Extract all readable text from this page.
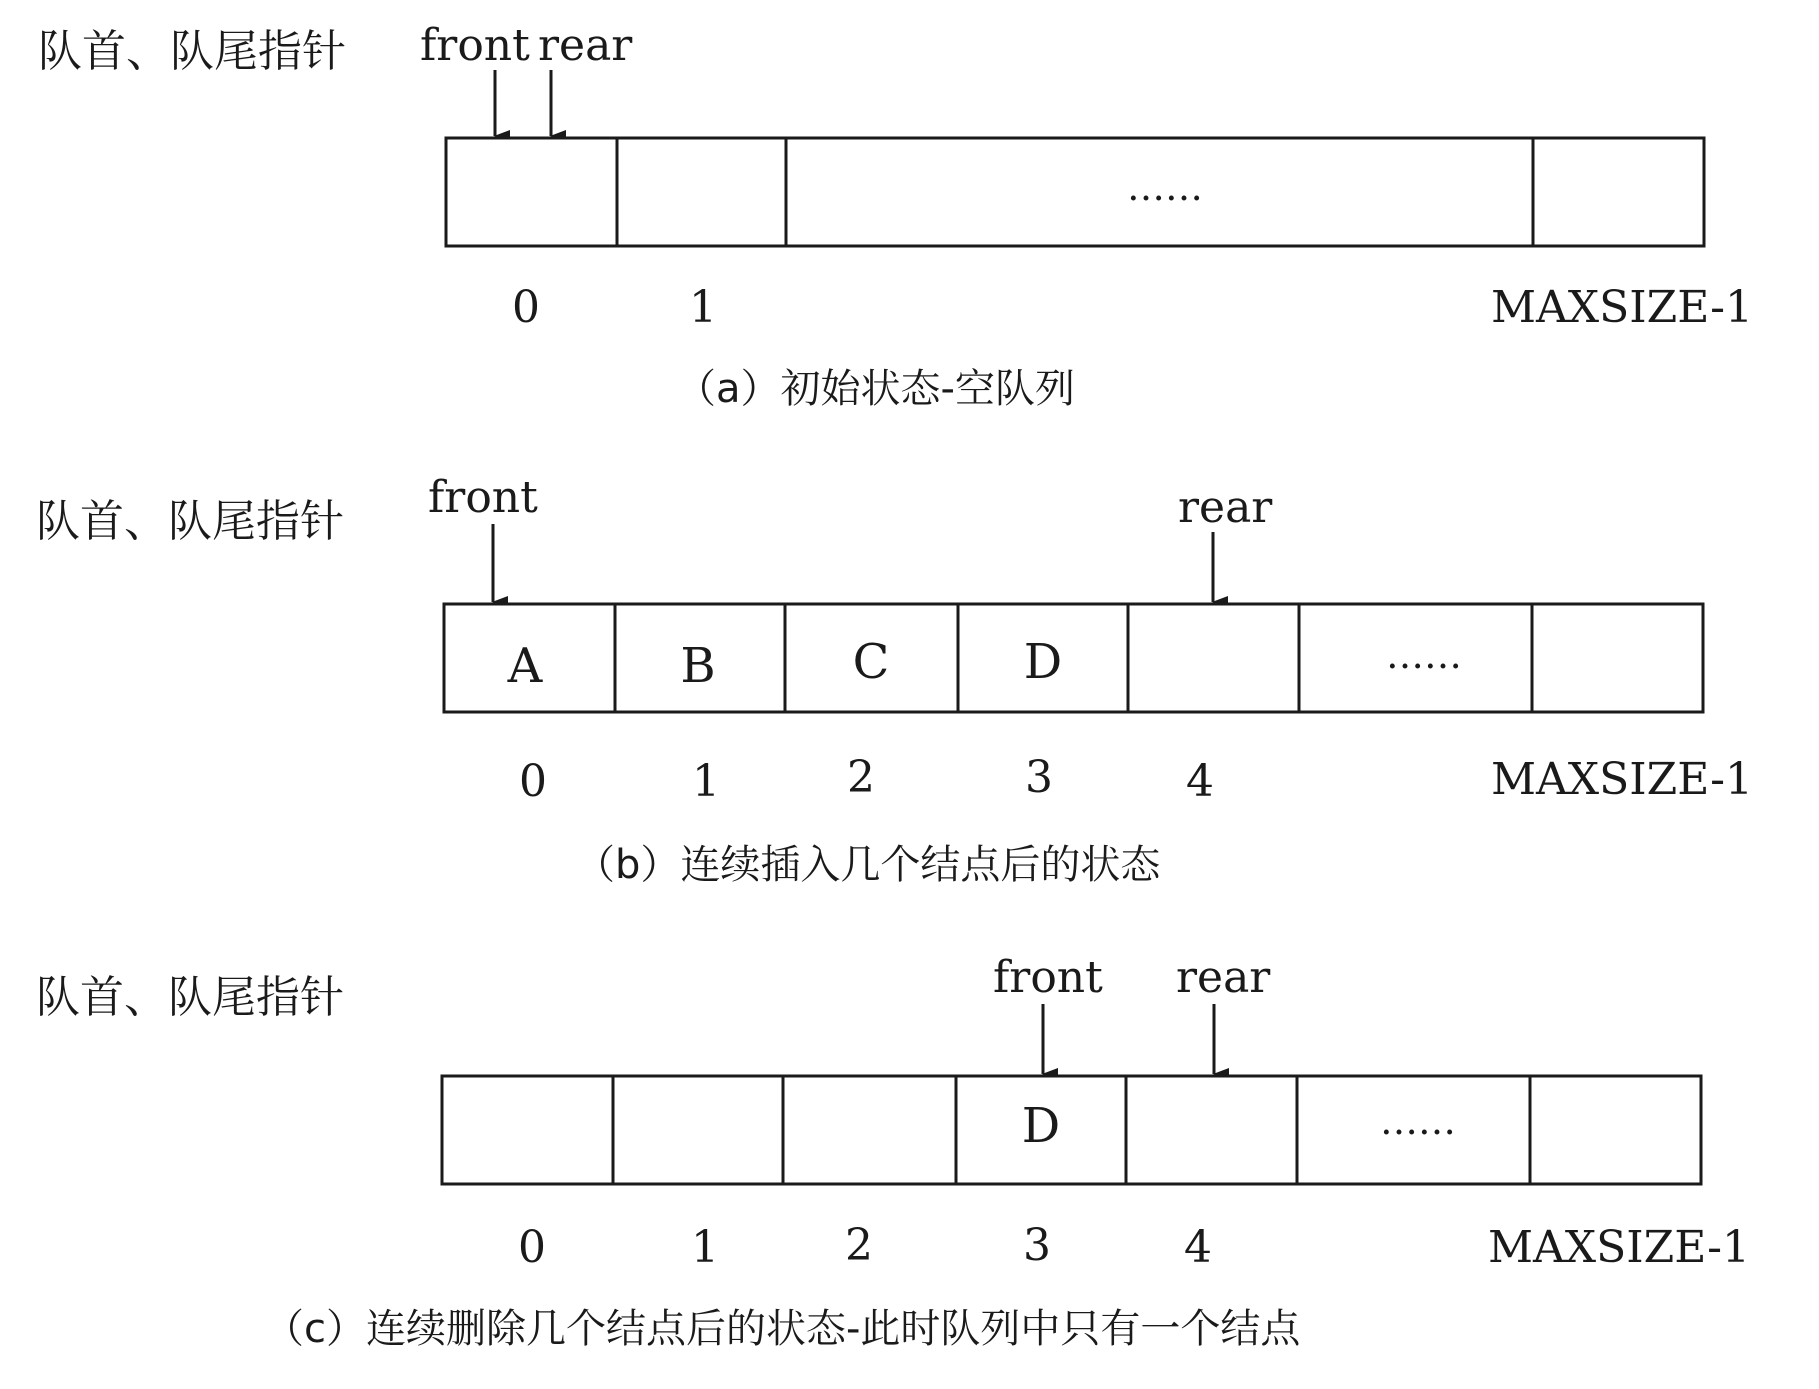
队首、队尾指针 front rear
……
0	1	MAXSIZE-1
（a）初始状态-空队列
队首、队尾指针 front	rear
A	B	C	D	……
0	1	2	3	4	MAXSIZE-1
（b）连续插入几个结点后的状态
队首、队尾指针	front rear
D	……
0	1	2	3	4	MAXSIZE-1
（c）连续删除几个结点后的状态-此时队列中只有一个结点
